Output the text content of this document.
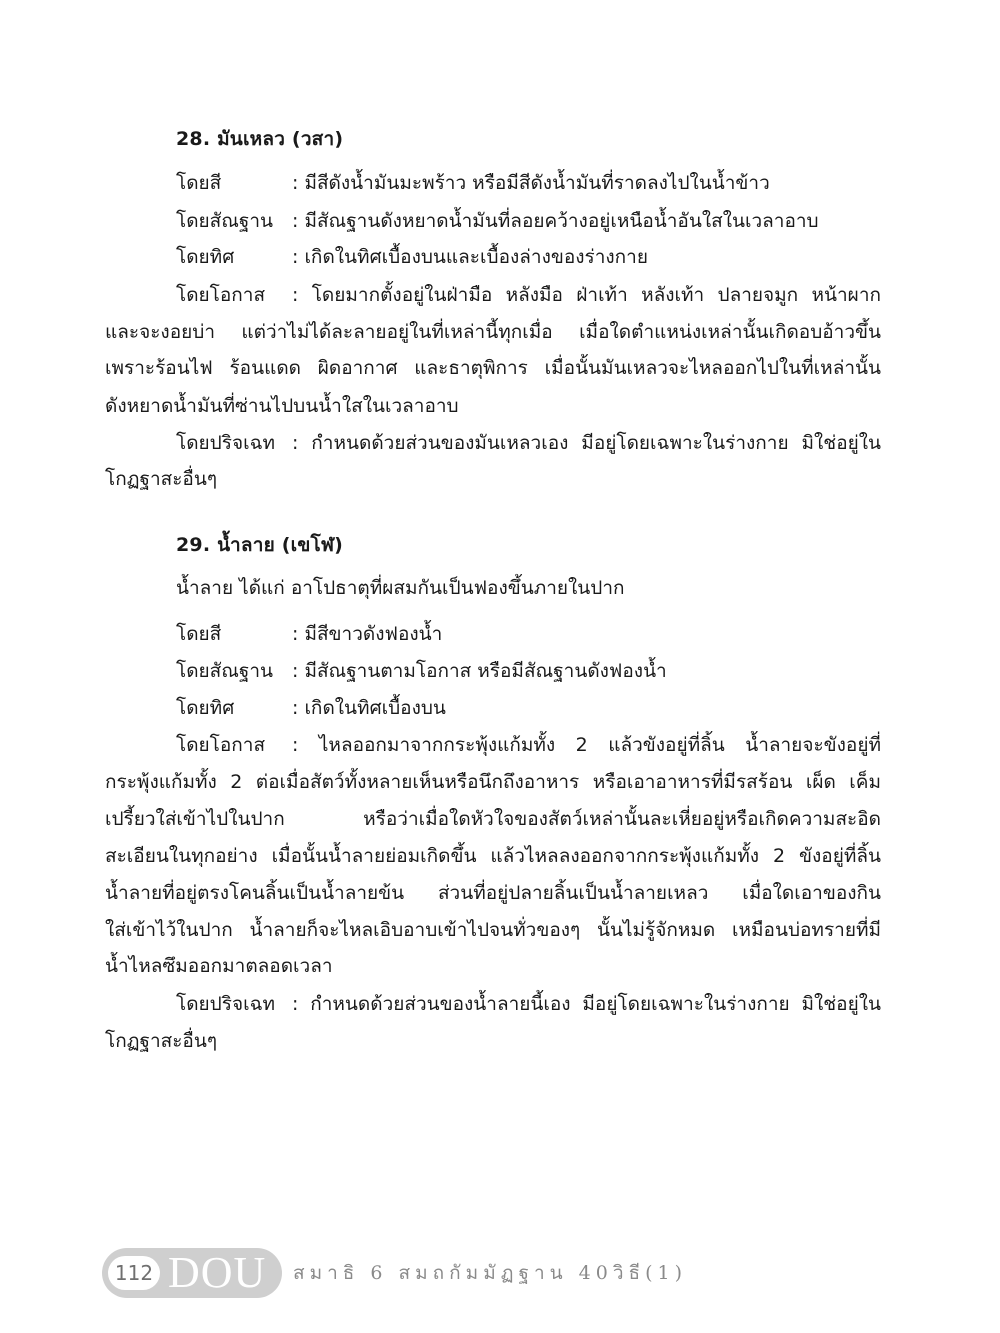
28. มันเหลว (วสา)
โดยสี	: มีสีดังน้ำมันมะพร้าว หรือมีสีดังน้ำมันที่ราดลงไปในน้ำข้าว
โดยสัณฐาน : มีสัณฐานดังหยาดน้ำมันที่ลอยคว้างอยู่เหนือน้ำอันใสในเวลาอาบ
โดยทิศ	: เกิดในทิศเบื้องบนและเบื้องล่างของร่างกาย
โดยโอกาส : โดยมากตั้งอยู่ในฝ่ามือ หลังมือ ฝ่าเท้า หลังเท้า ปลายจมูก หน้าผาก
และจะงอยบ่า แต่ว่าไม่ได้ละลายอยู่ในที่เหล่านี้ทุกเมื่อ เมื่อใดตำแหน่งเหล่านั้นเกิดอบอ้าวขึ้น
เพราะร้อนไฟ ร้อนแดด ผิดอากาศ และธาตุพิการ เมื่อนั้นมันเหลวจะไหลออกไปในที่เหล่านั้น
ดังหยาดน้ำมันที่ซ่านไปบนน้ำใสในเวลาอาบ
โดยปริจเฉท : กำหนดด้วยส่วนของมันเหลวเอง มีอยู่โดยเฉพาะในร่างกาย มิใช่อยู่ใน
โกฏฐาสะอื่นๆ
29. น้ำลาย (เขโฬ)
น้ำลาย ได้แก่ อาโปธาตุที่ผสมกันเป็นฟองขึ้นภายในปาก
โดยสี	: มีสีขาวดังฟองน้ำ
โดยสัณฐาน : มีสัณฐานตามโอกาส หรือมีสัณฐานดังฟองน้ำ
โดยทิศ	: เกิดในทิศเบื้องบน
โดยโอกาส : ไหลออกมาจากกระพุ้งแก้มทั้ง 2 แล้วขังอยู่ที่ลิ้น น้ำลายจะขังอยู่ที่
กระพุ้งแก้มทั้ง 2 ต่อเมื่อสัตว์ทั้งหลายเห็นหรือนึกถึงอาหาร หรือเอาอาหารที่มีรสร้อน เผ็ด เค็ม
เปรี้ยวใส่เข้าไปในปาก หรือว่าเมื่อใดหัวใจของสัตว์เหล่านั้นละเหี่ยอยู่หรือเกิดความสะอิด
สะเอียนในทุกอย่าง เมื่อนั้นน้ำลายย่อมเกิดขึ้น แล้วไหลลงออกจากกระพุ้งแก้มทั้ง 2 ขังอยู่ที่ลิ้น
น้ำลายที่อยู่ตรงโคนลิ้นเป็นน้ำลายข้น ส่วนที่อยู่ปลายลิ้นเป็นน้ำลายเหลว เมื่อใดเอาของกิน
ใส่เข้าไว้ในปาก น้ำลายก็จะไหลเอิบอาบเข้าไปจนทั่วของๆ นั้นไม่รู้จักหมด เหมือนบ่อทรายที่มี
น้ำไหลซึมออกมาตลอดเวลา
โดยปริจเฉท : กำหนดด้วยส่วนของน้ำลายนี้เอง มีอยู่โดยเฉพาะในร่างกาย มิใช่อยู่ใน
โกฏฐาสะอื่นๆ
112 DOU สมาธิ 6 สมถกัมมัฏฐาน 40วิธี(1)
